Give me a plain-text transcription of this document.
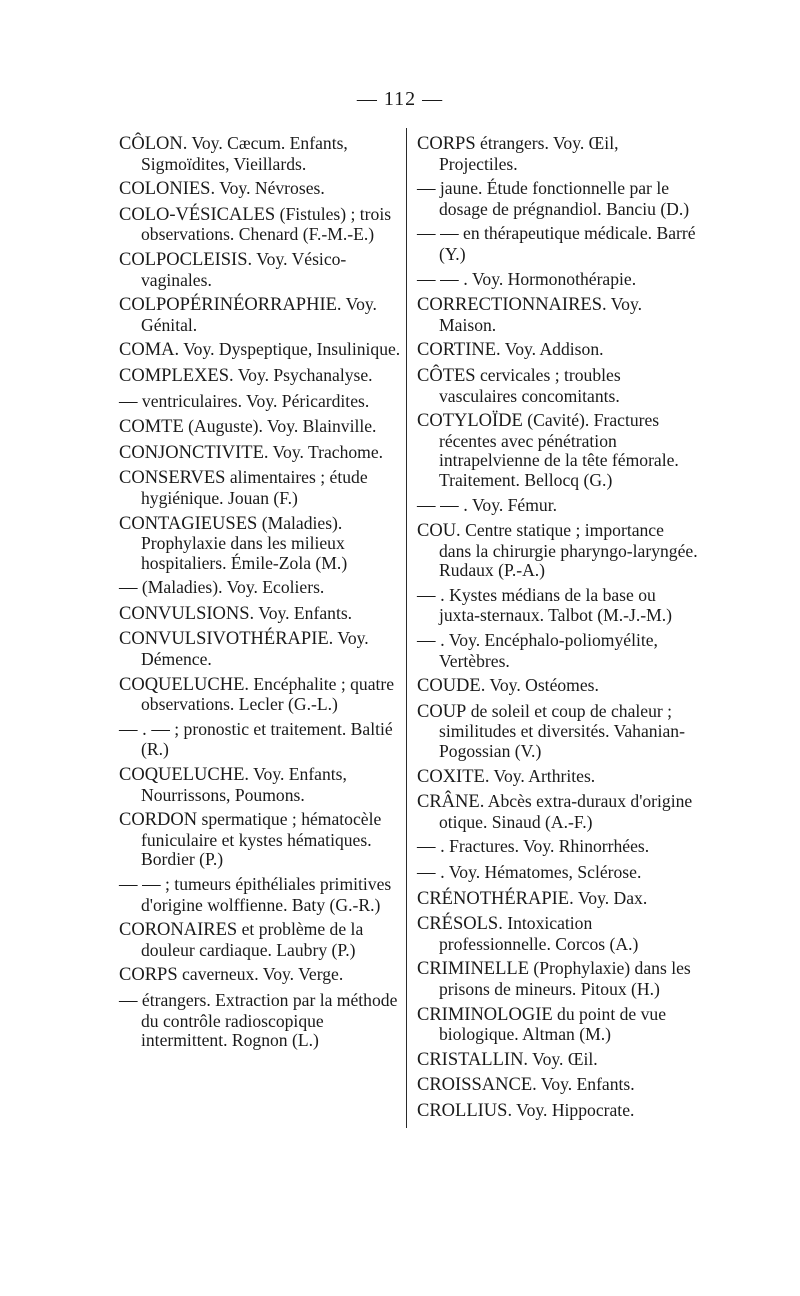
— 112 —

CÔLON. Voy. Cæcum. Enfants, Sigmoïdites, Vieillards.

COLONIES. Voy. Névroses.

COLO-VÉSICALES (Fistules) ; trois observations. Chenard (F.-M.-E.)

COLPOCLEISIS. Voy. Vésico-vaginales.

COLPOPÉRINÉORRAPHIE. Voy. Génital.

COMA. Voy. Dyspeptique, Insulinique.

COMPLEXES. Voy. Psychanalyse.

— ventriculaires. Voy. Péricardites.

COMTE (Auguste). Voy. Blainville.

CONJONCTIVITE. Voy. Trachome.

CONSERVES alimentaires ; étude hygiénique. Jouan (F.)

CONTAGIEUSES (Maladies). Prophylaxie dans les milieux hospitaliers. Émile-Zola (M.)

— (Maladies). Voy. Ecoliers.

CONVULSIONS. Voy. Enfants.

CONVULSIVOTHÉRAPIE. Voy. Démence.

COQUELUCHE. Encéphalite ; quatre observations. Lecler (G.-L.)

— . — ; pronostic et traitement. Baltié (R.)

COQUELUCHE. Voy. Enfants, Nourrissons, Poumons.

CORDON spermatique ; hématocèle funiculaire et kystes hématiques. Bordier (P.)

— — ; tumeurs épithéliales primitives d'origine wolffienne. Baty (G.-R.)

CORONAIRES et problème de la douleur cardiaque. Laubry (P.)

CORPS caverneux. Voy. Verge.

— étrangers. Extraction par la méthode du contrôle radioscopique intermittent. Rognon (L.)

CORPS étrangers. Voy. Œil, Projectiles.

— jaune. Étude fonctionnelle par le dosage de prégnandiol. Banciu (D.)

— — en thérapeutique médicale. Barré (Y.)

— — . Voy. Hormonothérapie.

CORRECTIONNAIRES. Voy. Maison.

CORTINE. Voy. Addison.

CÔTES cervicales ; troubles vasculaires concomitants.

COTYLOÏDE (Cavité). Fractures récentes avec pénétration intrapelvienne de la tête fémorale. Traitement. Bellocq (G.)

— — . Voy. Fémur.

COU. Centre statique ; importance dans la chirurgie pharyngo-laryngée. Rudaux (P.-A.)

— . Kystes médians de la base ou juxta-sternaux. Talbot (M.-J.-M.)

— . Voy. Encéphalo-poliomyélite, Vertèbres.

COUDE. Voy. Ostéomes.

COUP de soleil et coup de chaleur ; similitudes et diversités. Vahanian-Pogossian (V.)

COXITE. Voy. Arthrites.

CRÂNE. Abcès extra-duraux d'origine otique. Sinaud (A.-F.)

— . Fractures. Voy. Rhinorrhées.

— . Voy. Hématomes, Sclérose.

CRÉNOTHÉRAPIE. Voy. Dax.

CRÉSOLS. Intoxication professionnelle. Corcos (A.)

CRIMINELLE (Prophylaxie) dans les prisons de mineurs. Pitoux (H.)

CRIMINOLOGIE du point de vue biologique. Altman (M.)

CRISTALLIN. Voy. Œil.

CROISSANCE. Voy. Enfants.

CROLLIUS. Voy. Hippocrate.
